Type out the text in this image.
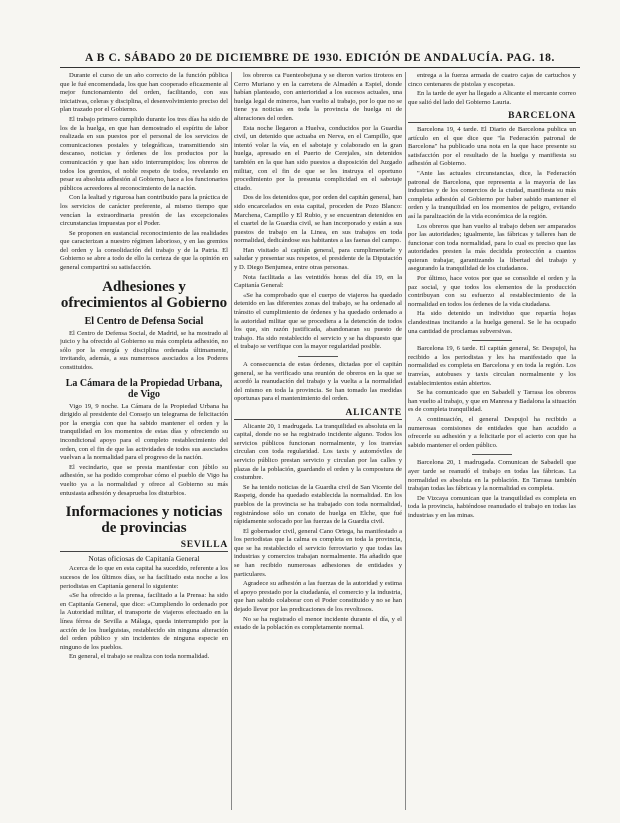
A B C. SÁBADO 20 DE DICIEMBRE DE 1930. EDICIÓN DE ANDALUCÍA. PAG. 18.

Durante el curso de un año correcto de la función pública que le fué encomendada, los que han cooperado eficazmente al mejor funcionamiento del orden, facilitando, con sus iniciativas, celeras y disciplina, el desenvolvimiento preciso del plan trazado por el Gobierno.

El trabajo primero cumplido durante los tres días ha sido de los de la huelga, en que han demostrado el espíritu de labor realizada en sus puestos por el personal de los servicios de comunicaciones postales y telegráficas, transmitiendo sin descanso, noticias y órdenes de los productos por la comunicación y que han sido interrumpidos; los obreros de todos los gremios, el noble respeto de todos, revelando en pesar su absoluta adhesión al Gobierno, hace a los funcionarios públicos acreedores al reconocimiento de la nación.

Con la lealtad y rigurosa han contribuido para la práctica de los servicios de carácter preferente, al mismo tiempo que vencían la extraordinaria presión de las excepcionales circunstancias impuestas por el Poder.

Se proponen en sustancial reconocimiento de las realidades que caracterizan a nuestro régimen laborioso, y en las gremios del orden y la consolidación del trabajo y de la Patria. El Gobierno se abre a todo de ello la certeza de que la opinión en general compartirá su satisfacción.

Adhesiones y ofrecimientos al Gobierno
El Centro de Defensa Social

El Centro de Defensa Social, de Madrid, se ha mostrado al juicio y ha ofrecido al Gobierno su más completa adhesión, no sólo por la energía y disciplina ordenada últimamente, invitando, además, a sus numerosos asociados a los Poderes constituidos.

La Cámara de la Propiedad Urbana, de Vigo

Vigo 19, 9 noche. La Cámara de la Propiedad Urbana ha dirigido al presidente del Consejo un telegrama de felicitación por la energía con que ha sabido mantener el orden y la tranquilidad en los momentos de estas días y ofreciendo su incondicional apoyo para el completo restablecimiento del orden, con el fin de que las actividades de todos sus asociados vuelvan a la normalidad para el progreso de la nación.

El vecindario, que se presta manifestar con júbilo su adhesión, se ha podido comprobar cómo el pueblo de Vigo ha vuelto ya a la normalidad y ofrece al Gobierno su más entusiasta adhesión y desaprueba los disturbios.

Informaciones y noticias de provincias
SEVILLA
Notas oficiosas de Capitanía General

Acerca de lo que en esta capital ha sucedido, referente a los sucesos de los últimos días, se ha facilitado esta noche a los periodistas en Capitanía general lo siguiente:

«Se ha ofrecido a la prensa, facilitado a la Prensa: ha sido en Capitanía General, que dice: «Cumpliendo lo ordenado por la Autoridad militar, el transporte de viajeros efectuado en la línea férrea de Sevilla a Málaga, queda interrumpido por la acción de los huelguistas, restablecido sin ninguna alteración del orden público y sin incidentes de ninguna especie en ninguno de los pueblos.

En general, el trabajo se realiza con toda normalidad.

los obreros ca Fuenteobejuna y se dieron varios tiroteos en Cerro Muriano y en la carretera de Almadén a Espiel, donde habían planteado, con anterioridad a los sucesos actuales, una huelga legal de mineros, han vuelto al trabajo, por lo que no se tiene ya noticias en toda la provincia de huelga ni de alteraciones del orden.

Esta noche llegaron a Huelva, conducidos por la Guardia civil, un detenido que actuaba en Nerva, en el Campillo, que intentó volar la vía, en el sabotaje y colaborado en la gran huelga, apresado en el Puerto de Cerejales, sin detenidos también en la que han sido puestos a disposición del Juzgado militar, con el fin de que se les instruya el oportuno procedimiento por la presunta complicidad en el sabotaje citado.

Dos de los detenidos que, por orden del capitán general, han sido encarcelados en esta capital, proceden de Pozo Blanco: Marchena, Campillo y El Rubio, y se encuentran detenidos en el cuartel de la Guardia civil, se han incorporado y están a sus puestos de trabajo en la Linea, en sus trabajos en toda normalidad, dedicándose sus habitantes a las faenas del campo.

Han visitado al capitán general, para cumplimentarle y saludar y presentar sus respetos, el presidente de la Diputación y D. Diego Benjumea, entre otras personas.

Nota facilitada a las veintidós horas del día 19, en la Capitanía General:

«Se ha comprobado que el cuerpo de viajeros ha quedado detenido en las diferentes zonas del trabajo, se ha ordenado al tránsito el cumplimiento de órdenes y ha quedado ordenado a la autoridad militar que se procediera a la detención de todos los que, sin razón justificada, abandonaran su puesto de trabajo. Ha sido restablecido el servicio y se ha dispuesto que el trabajo se verifique con la mayor regularidad posible.

A consecuencia de estas órdenes, dictadas por el capitán general, se ha verificado una reunión de obreros en la que se acordó la reanudación del trabajo y la vuelta a la normalidad del mismo en toda la provincia. Se han tomado las medidas oportunas para el mantenimiento del orden.

ALICANTE

Alicante 20, 1 madrugada. La tranquilidad es absoluta en la capital, donde no se ha registrado incidente alguno. Todos los servicios públicos funcionan normalmente, y los tranvías circulan con toda regularidad. Los taxis y automóviles de servicio público prestan servicio y circulan por las calles y plazas de la población, guardando el orden y la compostura de costumbre.

Se ha tenido noticias de la Guardia civil de San Vicente del Raspeig, donde ha quedado establecida la normalidad. En los pueblos de la provincia se ha trabajado con toda normalidad, registrándose sólo un conato de huelga en Elche, que fué rápidamente sofocado por las fuerzas de la Guardia civil.

El gobernador civil, general Cano Ortega, ha manifestado a los periodistas que la calma es completa en toda la provincia, que se ha restablecido el servicio ferroviario y que todas las industrias y comercios trabajan normalmente. Ha añadido que se han recibido numerosas adhesiones de entidades y particulares.

Agradece su adhesión a las fuerzas de la autoridad y estima el apoyo prestado por la ciudadanía, el comercio y la industria, que han sabido colaborar con el Poder constituido y no se han dejado llevar por las predicaciones de los revoltosos.

No se ha registrado el menor incidente durante el día, y el estado de la población es completamente normal.

entrega a la fuerza armada de cuatro cajas de cartuchos y cinco centenares de pistolas y escopetas.

En la tarde de ayer ha llegado a Alicante el mercante correo que salió del lado del Gobierno Lauria.

BARCELONA

Barcelona 19, 4 tarde. El Diario de Barcelona publica un artículo en el que dice que "la Federación patronal de Barcelona" ha publicado una nota en la que hace presente su satisfacción por el resultado de la huelga y manifiesta su adhesión al Gobierno.

"Ante las actuales circunstancias, dice, la Federación patronal de Barcelona, que representa a la mayoría de las industrias y de los comercios de la ciudad, manifiesta su más completa adhesión al Gobierno por haber sabido mantener el orden y la tranquilidad en los momentos de peligro, evitando así la paralización de la vida económica de la región.

Los obreros que han vuelto al trabajo deben ser amparados por las autoridades; igualmente, las fábricas y talleres han de funcionar con toda normalidad, para lo cual es preciso que las autoridades presten la más decidida protección a cuantos quieran trabajar, garantizando la libertad del trabajo y asegurando la tranquilidad de los ciudadanos.

Por último, hace votos por que se consolide el orden y la paz social, y que todos los elementos de la producción contribuyan con su esfuerzo al restablecimiento de la normalidad en todos los órdenes de la vida ciudadana.

Ha sido detenido un individuo que repartía hojas clandestinas incitando a la huelga general. Se le ha ocupado una cantidad de proclamas subversivas.

Barcelona 19, 6 tarde. El capitán general, Sr. Despujol, ha recibido a los periodistas y les ha manifestado que la normalidad es completa en Barcelona y en toda la región. Los tranvías, autobuses y taxis circulan normalmente y los establecimientos están abiertos.

Se ha comunicado que en Sabadell y Tarrasa los obreros han vuelto al trabajo, y que en Manresa y Badalona la situación es de completa tranquilidad.

A continuación, el general Despujol ha recibido a numerosas comisiones de entidades que han acudido a ofrecerle su adhesión y a felicitarle por el acierto con que ha sabido mantener el orden público.

Barcelona 20, 1 madrugada. Comunican de Sabadell que ayer tarde se reanudó el trabajo en todas las fábricas. La normalidad es absoluta en la población. En Tarrasa también trabajan todas las fábricas y la normalidad es completa.

De Vizcaya comunican que la tranquilidad es completa en toda la provincia, habiéndose reanudado el trabajo en todas las industrias y en las minas.
